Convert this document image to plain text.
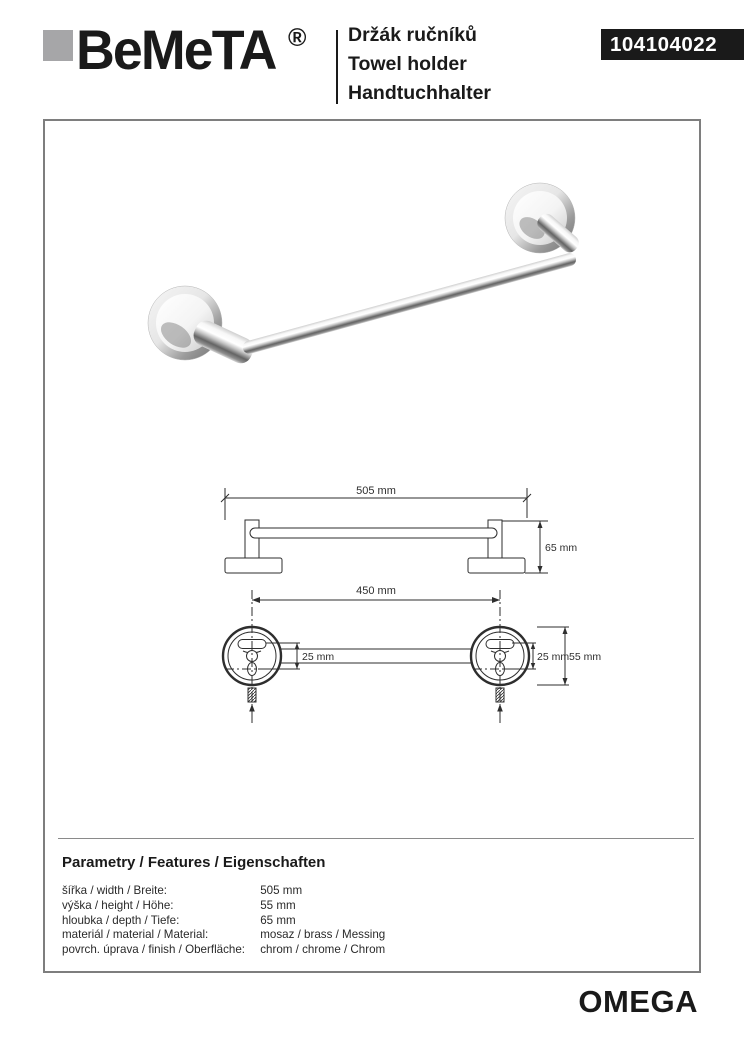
BeMeTA ® Držák ručníků
Towel holder
Handtuchhalter
104104022
505 mm
65 mm
450 mm
25 mm	25 mm 55 mm
Parametry / Features / Eigenschaften
šířka / width / Breite:	505 mm
výška / height / Höhe:	55 mm
hloubka / depth / Tiefe:	65 mm
materiál / material / Material:	mosaz / brass / Messing
povrch. úprava / finish / Oberfläche: chrom / chrome / Chrom
OMEGA
